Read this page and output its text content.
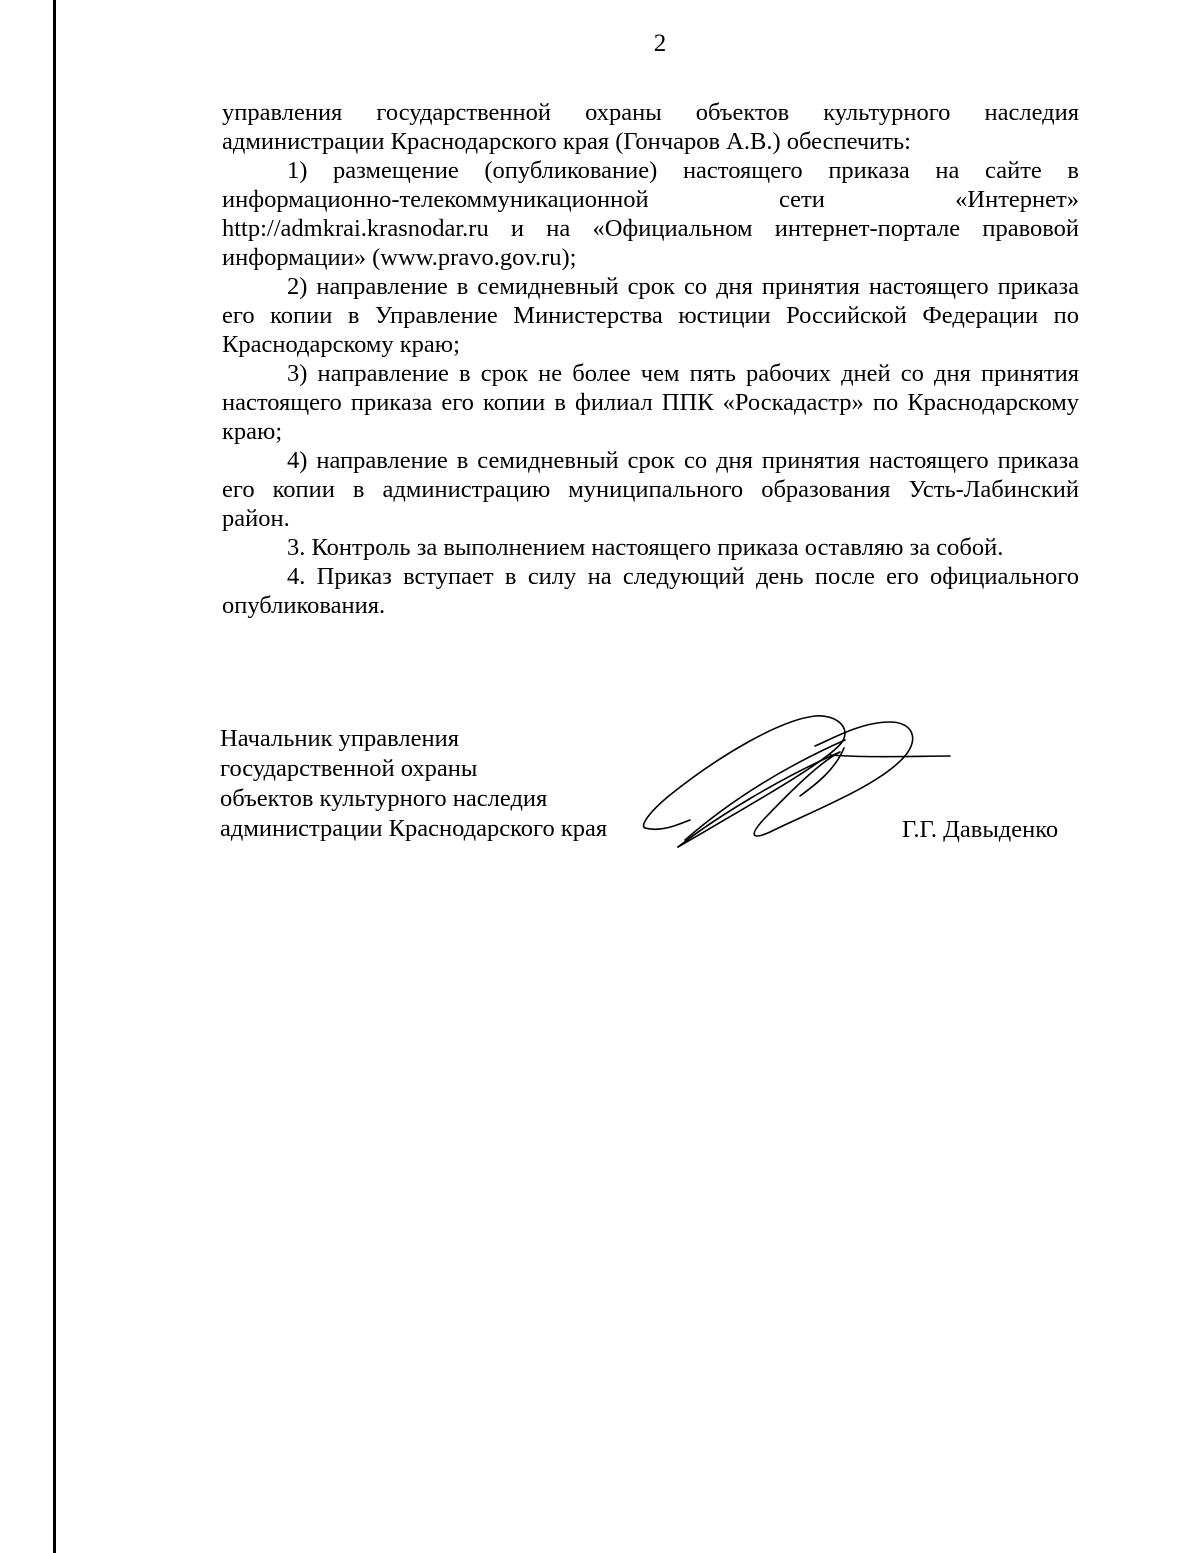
2

управления государственной охраны объектов культурного наследия администрации Краснодарского края (Гончаров А.В.) обеспечить:

1) размещение (опубликование) настоящего приказа на сайте в информационно-телекоммуникационной сети «Интернет» http://admkrai.krasnodar.ru и на «Официальном интернет-портале правовой информации» (www.pravo.gov.ru);

2) направление в семидневный срок со дня принятия настоящего приказа его копии в Управление Министерства юстиции Российской Федерации по Краснодарскому краю;

3) направление в срок не более чем пять рабочих дней со дня принятия настоящего приказа его копии в филиал ППК «Роскадастр» по Краснодарскому краю;

4) направление в семидневный срок со дня принятия настоящего приказа его копии в администрацию муниципального образования Усть-Лабинский район.

3. Контроль за выполнением настоящего приказа оставляю за собой.

4. Приказ вступает в силу на следующий день после его официального опубликования.

Начальник управления
государственной охраны
объектов культурного наследия
администрации Краснодарского края	Г.Г. Давыденко
